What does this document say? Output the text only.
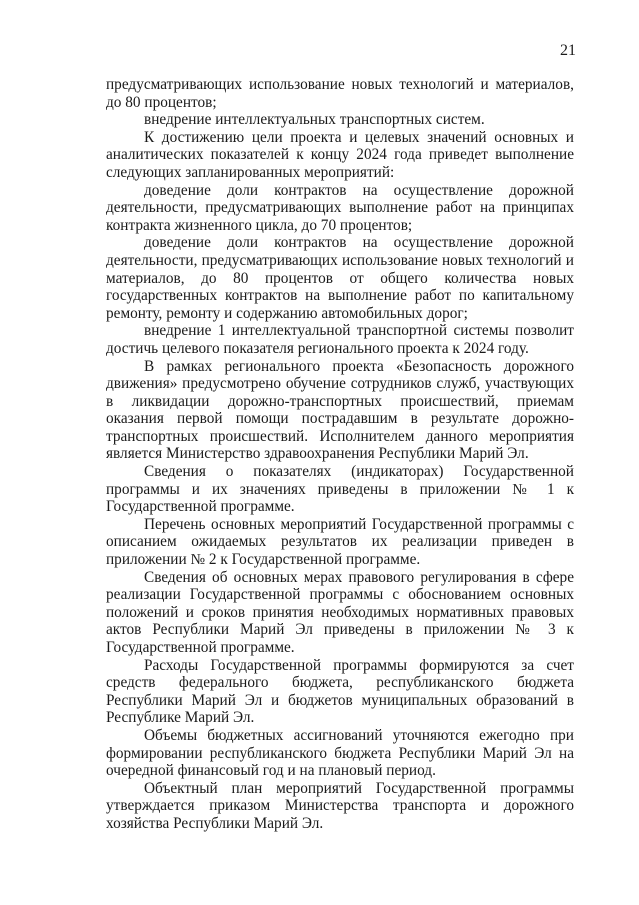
21

предусматривающих использование новых технологий и материалов, до 80 процентов;

внедрение интеллектуальных транспортных систем.

К достижению цели проекта и целевых значений основных и аналитических показателей к концу 2024 года приведет выполнение следующих запланированных мероприятий:

доведение доли контрактов на осуществление дорожной деятельности, предусматривающих выполнение работ на принципах контракта жизненного цикла, до 70 процентов;

доведение доли контрактов на осуществление дорожной деятельности, предусматривающих использование новых технологий и материалов, до 80 процентов от общего количества новых государственных контрактов на выполнение работ по капитальному ремонту, ремонту и содержанию автомобильных дорог;

внедрение 1 интеллектуальной транспортной системы позволит достичь целевого показателя регионального проекта к 2024 году.

В рамках регионального проекта «Безопасность дорожного движения» предусмотрено обучение сотрудников служб, участвующих в ликвидации дорожно-транспортных происшествий, приемам оказания первой помощи пострадавшим в результате дорожно-транспортных происшествий. Исполнителем данного мероприятия является Министерство здравоохранения Республики Марий Эл.

Сведения о показателях (индикаторах) Государственной программы и их значениях приведены в приложении № 1 к Государственной программе.

Перечень основных мероприятий Государственной программы с описанием ожидаемых результатов их реализации приведен в приложении № 2 к Государственной программе.

Сведения об основных мерах правового регулирования в сфере реализации Государственной программы с обоснованием основных положений и сроков принятия необходимых нормативных правовых актов Республики Марий Эл приведены в приложении № 3 к Государственной программе.

Расходы Государственной программы формируются за счет средств федерального бюджета, республиканского бюджета Республики Марий Эл и бюджетов муниципальных образований в Республике Марий Эл.

Объемы бюджетных ассигнований уточняются ежегодно при формировании республиканского бюджета Республики Марий Эл на очередной финансовый год и на плановый период.

Объектный план мероприятий Государственной программы утверждается приказом Министерства транспорта и дорожного хозяйства Республики Марий Эл.
